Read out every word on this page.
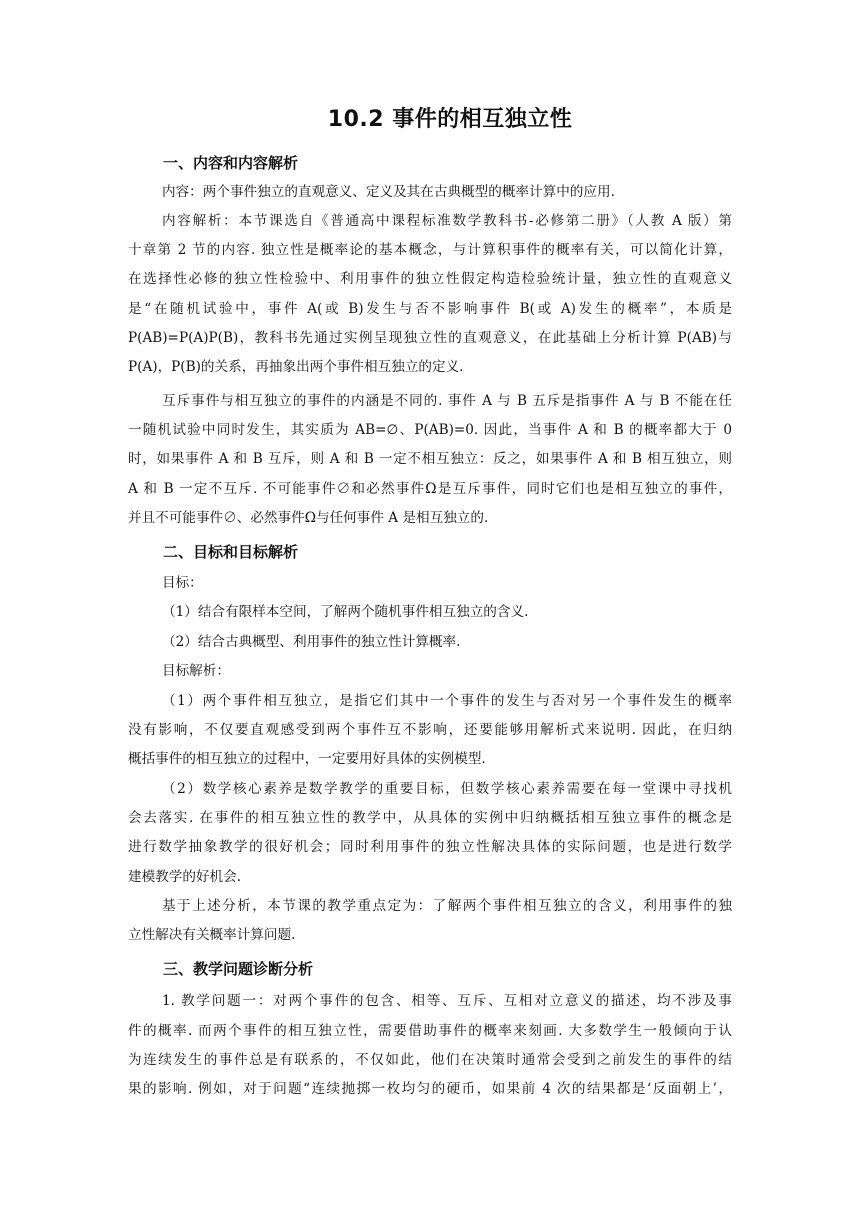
10.2 事件的相互独立性
一、内容和内容解析
内容：两个事件独立的直观意义、定义及其在古典概型的概率计算中的应用.
内容解析：本节课选自《普通高中课程标准数学教科书-必修第二册》（人教 A 版）第
十章第 2 节的内容. 独立性是概率论的基本概念，与计算积事件的概率有关，可以简化计算，
在选择性必修的独立性检验中、利用事件的独立性假定构造检验统计量，独立性的直观意义
是“在随机试验中，事件 A(或 B)发生与否不影响事件 B(或 A)发生的概率”，本质是
P(AB)=P(A)P(B)，教科书先通过实例呈现独立性的直观意义，在此基础上分析计算 P(AB)与
P(A)，P(B)的关系，再抽象出两个事件相互独立的定义.
互斥事件与相互独立的事件的内涵是不同的. 事件 A 与 B 五斥是指事件 A 与 B 不能在任
一随机试验中同时发生，其实质为 AB=∅、P(AB)=0. 因此，当事件 A 和 B 的概率都大于 0
时，如果事件 A 和 B 互斥，则 A 和 B 一定不相互独立：反之，如果事件 A 和 B 相互独立，则
A 和 B 一定不互斥. 不可能事件∅和必然事件Ω是互斥事件，同时它们也是相互独立的事件，
并且不可能事件∅、必然事件Ω与任何事件 A 是相互独立的.
二、目标和目标解析
目标：
（1）结合有限样本空间，了解两个随机事件相互独立的含义.
（2）结合古典概型、利用事件的独立性计算概率.
目标解析：
（1）两个事件相互独立，是指它们其中一个事件的发生与否对另一个事件发生的概率
没有影响，不仅要直观感受到两个事件互不影响，还要能够用解析式来说明. 因此，在归纳
概括事件的相互独立的过程中，一定要用好具体的实例模型.
（2）数学核心素养是数学教学的重要目标，但数学核心素养需要在每一堂课中寻找机
会去落实. 在事件的相互独立性的教学中，从具体的实例中归纳概括相互独立事件的概念是
进行数学抽象教学的很好机会；同时利用事件的独立性解决具体的实际问题，也是进行数学
建模教学的好机会.
基于上述分析，本节课的教学重点定为：了解两个事件相互独立的含义，利用事件的独
立性解决有关概率计算问题.
三、教学问题诊断分析
1. 教学问题一：对两个事件的包含、相等、互斥、互相对立意义的描述，均不涉及事
件的概率. 而两个事件的相互独立性，需要借助事件的概率来刻画. 大多数学生一般倾向于认
为连续发生的事件总是有联系的，不仅如此，他们在决策时通常会受到之前发生的事件的结
果的影响. 例如，对于问题“连续抛掷一枚均匀的硬币，如果前 4 次的结果都是‘反面朝上’，
